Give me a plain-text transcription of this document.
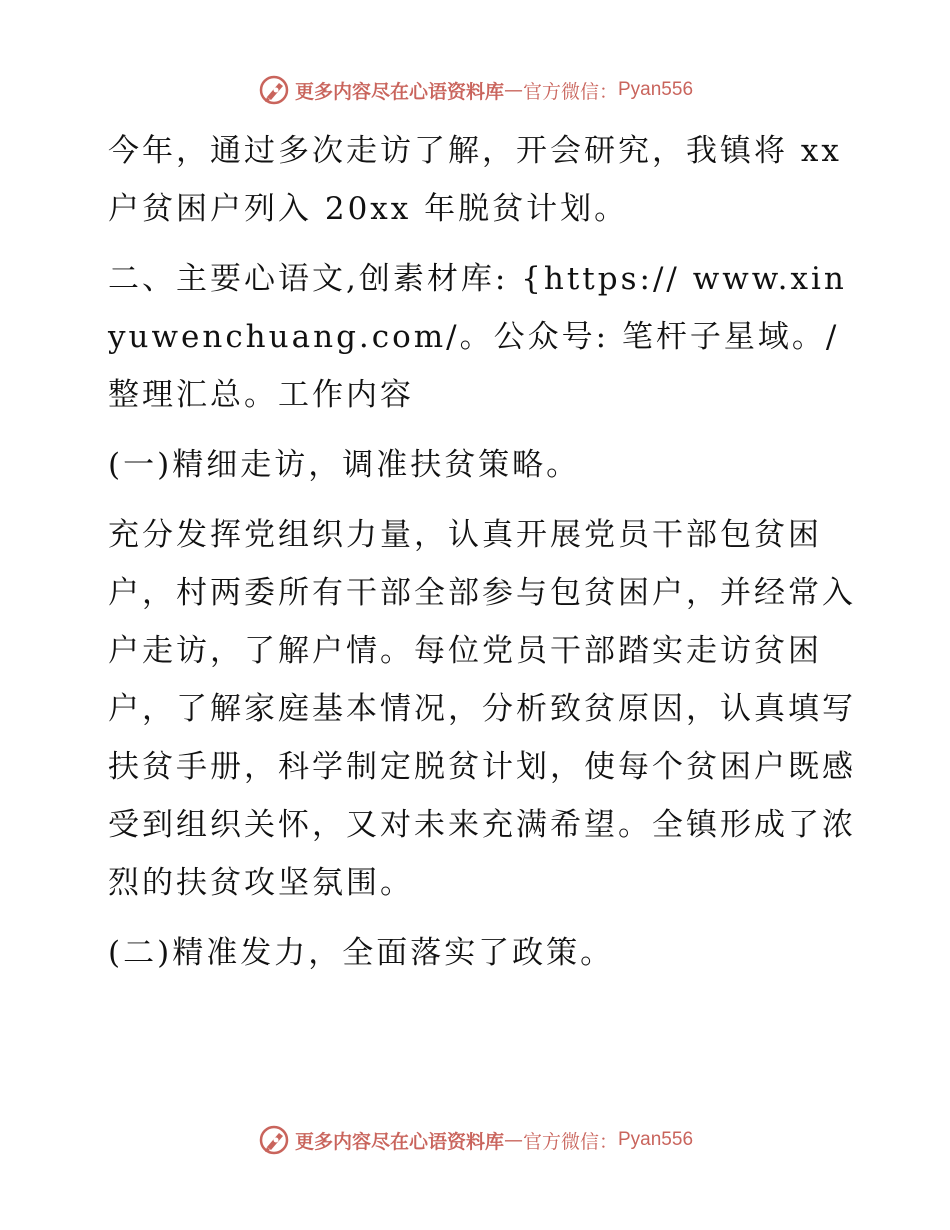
更多内容尽在心语资料库 — 官方微信： Pyan556

今年，通过多次走访了解，开会研究，我镇将 xx 户贫困户列入 20xx 年脱贫计划。

二、主要心语文,创素材库: {https:// www.xinyuwenchuang.com/。公众号: 笔杆子星域。/整理汇总。工作内容

(一)精细走访，调准扶贫策略。

充分发挥党组织力量，认真开展党员干部包贫困户，村两委所有干部全部参与包贫困户，并经常入户走访，了解户情。每位党员干部踏实走访贫困户，了解家庭基本情况，分析致贫原因，认真填写扶贫手册，科学制定脱贫计划，使每个贫困户既感受到组织关怀，又对未来充满希望。全镇形成了浓烈的扶贫攻坚氛围。

(二)精准发力，全面落实了政策。

更多内容尽在心语资料库 — 官方微信： Pyan556
